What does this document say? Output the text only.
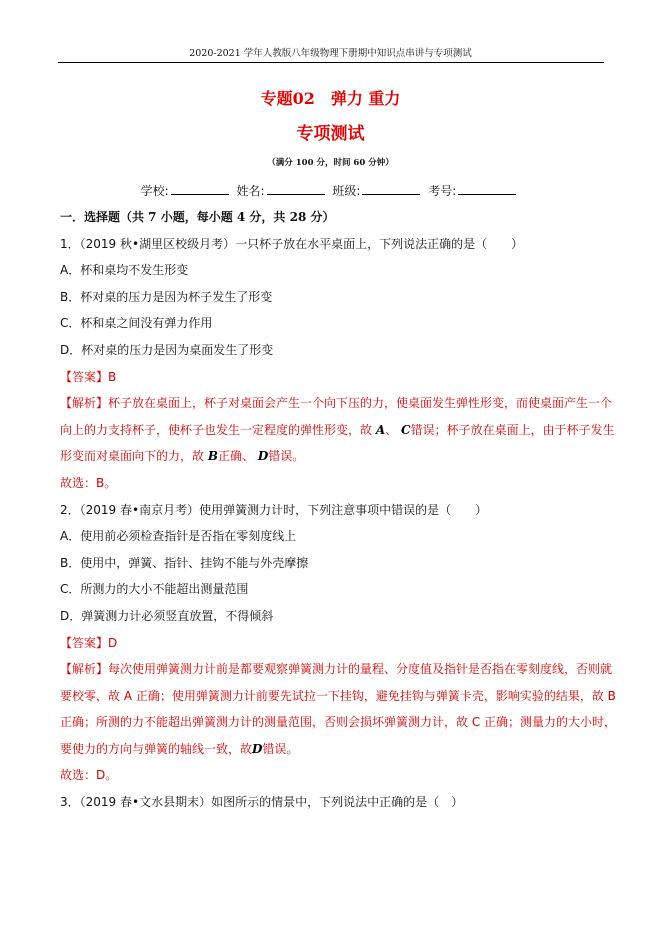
2020-2021 学年人教版八年级物理下册期中知识点串讲与专项测试
专题02　弹力 重力
专项测试
（满分 100 分，时间 60 分钟）
学校:	姓名:	班级:	考号:
一．选择题（共 7 小题，每小题 4 分，共 28 分）
1．（2019 秋•湖里区校级月考）一只杯子放在水平桌面上，下列说法正确的是（　　）
A．杯和桌均不发生形变
B．杯对桌的压力是因为杯子发生了形变
C．杯和桌之间没有弹力作用
D．杯对桌的压力是因为桌面发生了形变
【答案】B
【解析】杯子放在桌面上，杯子对桌面会产生一个向下压的力，使桌面发生弹性形变，而使桌面产生一个
向上的力支持杯子，使杯子也发生一定程度的弹性形变，故 A、 C错误；杯子放在桌面上，由于杯子发生
形变而对桌面向下的力，故 B正确、 D错误。
故选：B。
2．（2019 春•南京月考）使用弹簧测力计时，下列注意事项中错误的是（　　）
A．使用前必须检查指针是否指在零刻度线上
B．使用中，弹簧、指针、挂钩不能与外壳摩擦
C．所测力的大小不能超出测量范围
D．弹簧测力计必须竖直放置，不得倾斜
【答案】D
【解析】每次使用弹簧测力计前是都要观察弹簧测力计的量程、分度值及指针是否指在零刻度线，否则就
要校零，故 A 正确；使用弹簧测力计前要先试拉一下挂钩，避免挂钩与弹簧卡壳，影响实验的结果，故 B
正确；所测的力不能超出弹簧测力计的测量范围，否则会损坏弹簧测力计，故 C 正确；测量力的大小时，
要使力的方向与弹簧的轴线一致，故D错误。
故选：D。
3．（2019 春•文水县期末）如图所示的情景中，下列说法中正确的是（　）
